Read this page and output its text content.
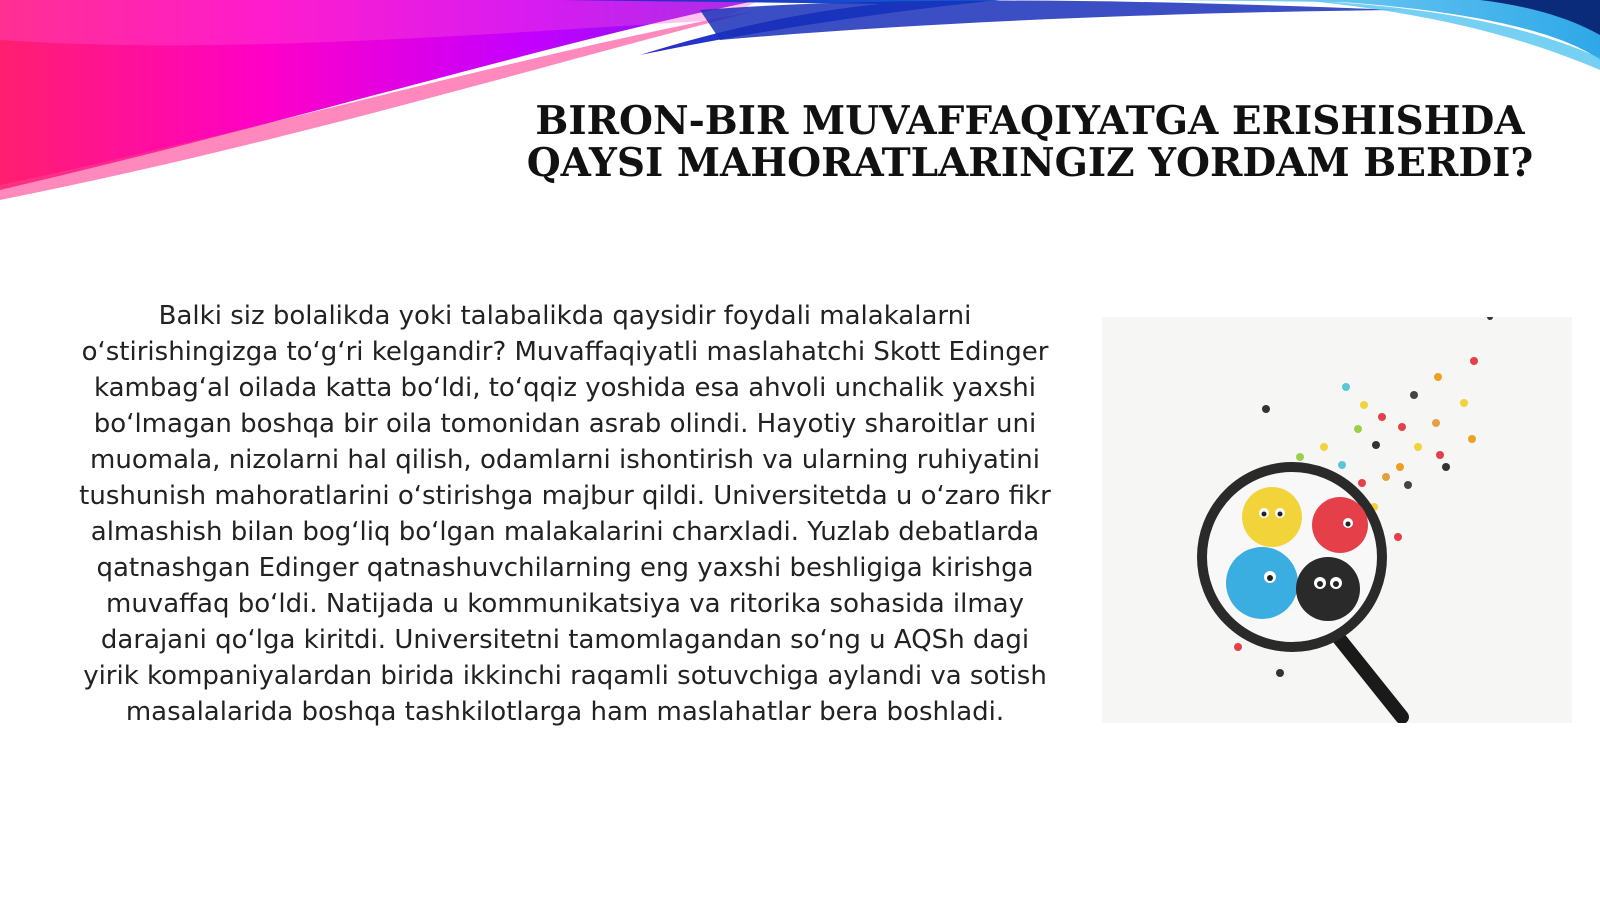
BIRON-BIR MUVAFFAQIYATGA ERISHISHDA
QAYSI MAHORATLARINGIZ YORDAM BERDI?

Balki siz bolalikda yoki talabalikda qaysidir foydali malakalarni o‘stirishingizga to‘g‘ri kelgandir? Muvaffaqiyatli maslahatchi Skott Edinger kambag‘al oilada katta bo‘ldi, to‘qqiz yoshida esa ahvoli unchalik yaxshi bo‘lmagan boshqa bir oila tomonidan asrab olindi. Hayotiy sharoitlar uni muomala, nizolarni hal qilish, odamlarni ishontirish va ularning ruhiyatini tushunish mahoratlarini o‘stirishga majbur qildi. Universitetda u o‘zaro fikr almashish bilan bog‘liq bo‘lgan malakalarini charxladi. Yuzlab debatlarda qatnashgan Edinger qatnashuvchilarning eng yaxshi beshligiga kirishga muvaffaq bo‘ldi. Natijada u kommunikatsiya va ritorika sohasida ilmay darajani qo‘lga kiritdi. Universitetni tamomlagandan so‘ng u AQSh dagi yirik kompaniyalardan birida ikkinchi raqamli sotuvchiga aylandi va sotish masalalarida boshqa tashkilotlarga ham maslahatlar bera boshladi.
